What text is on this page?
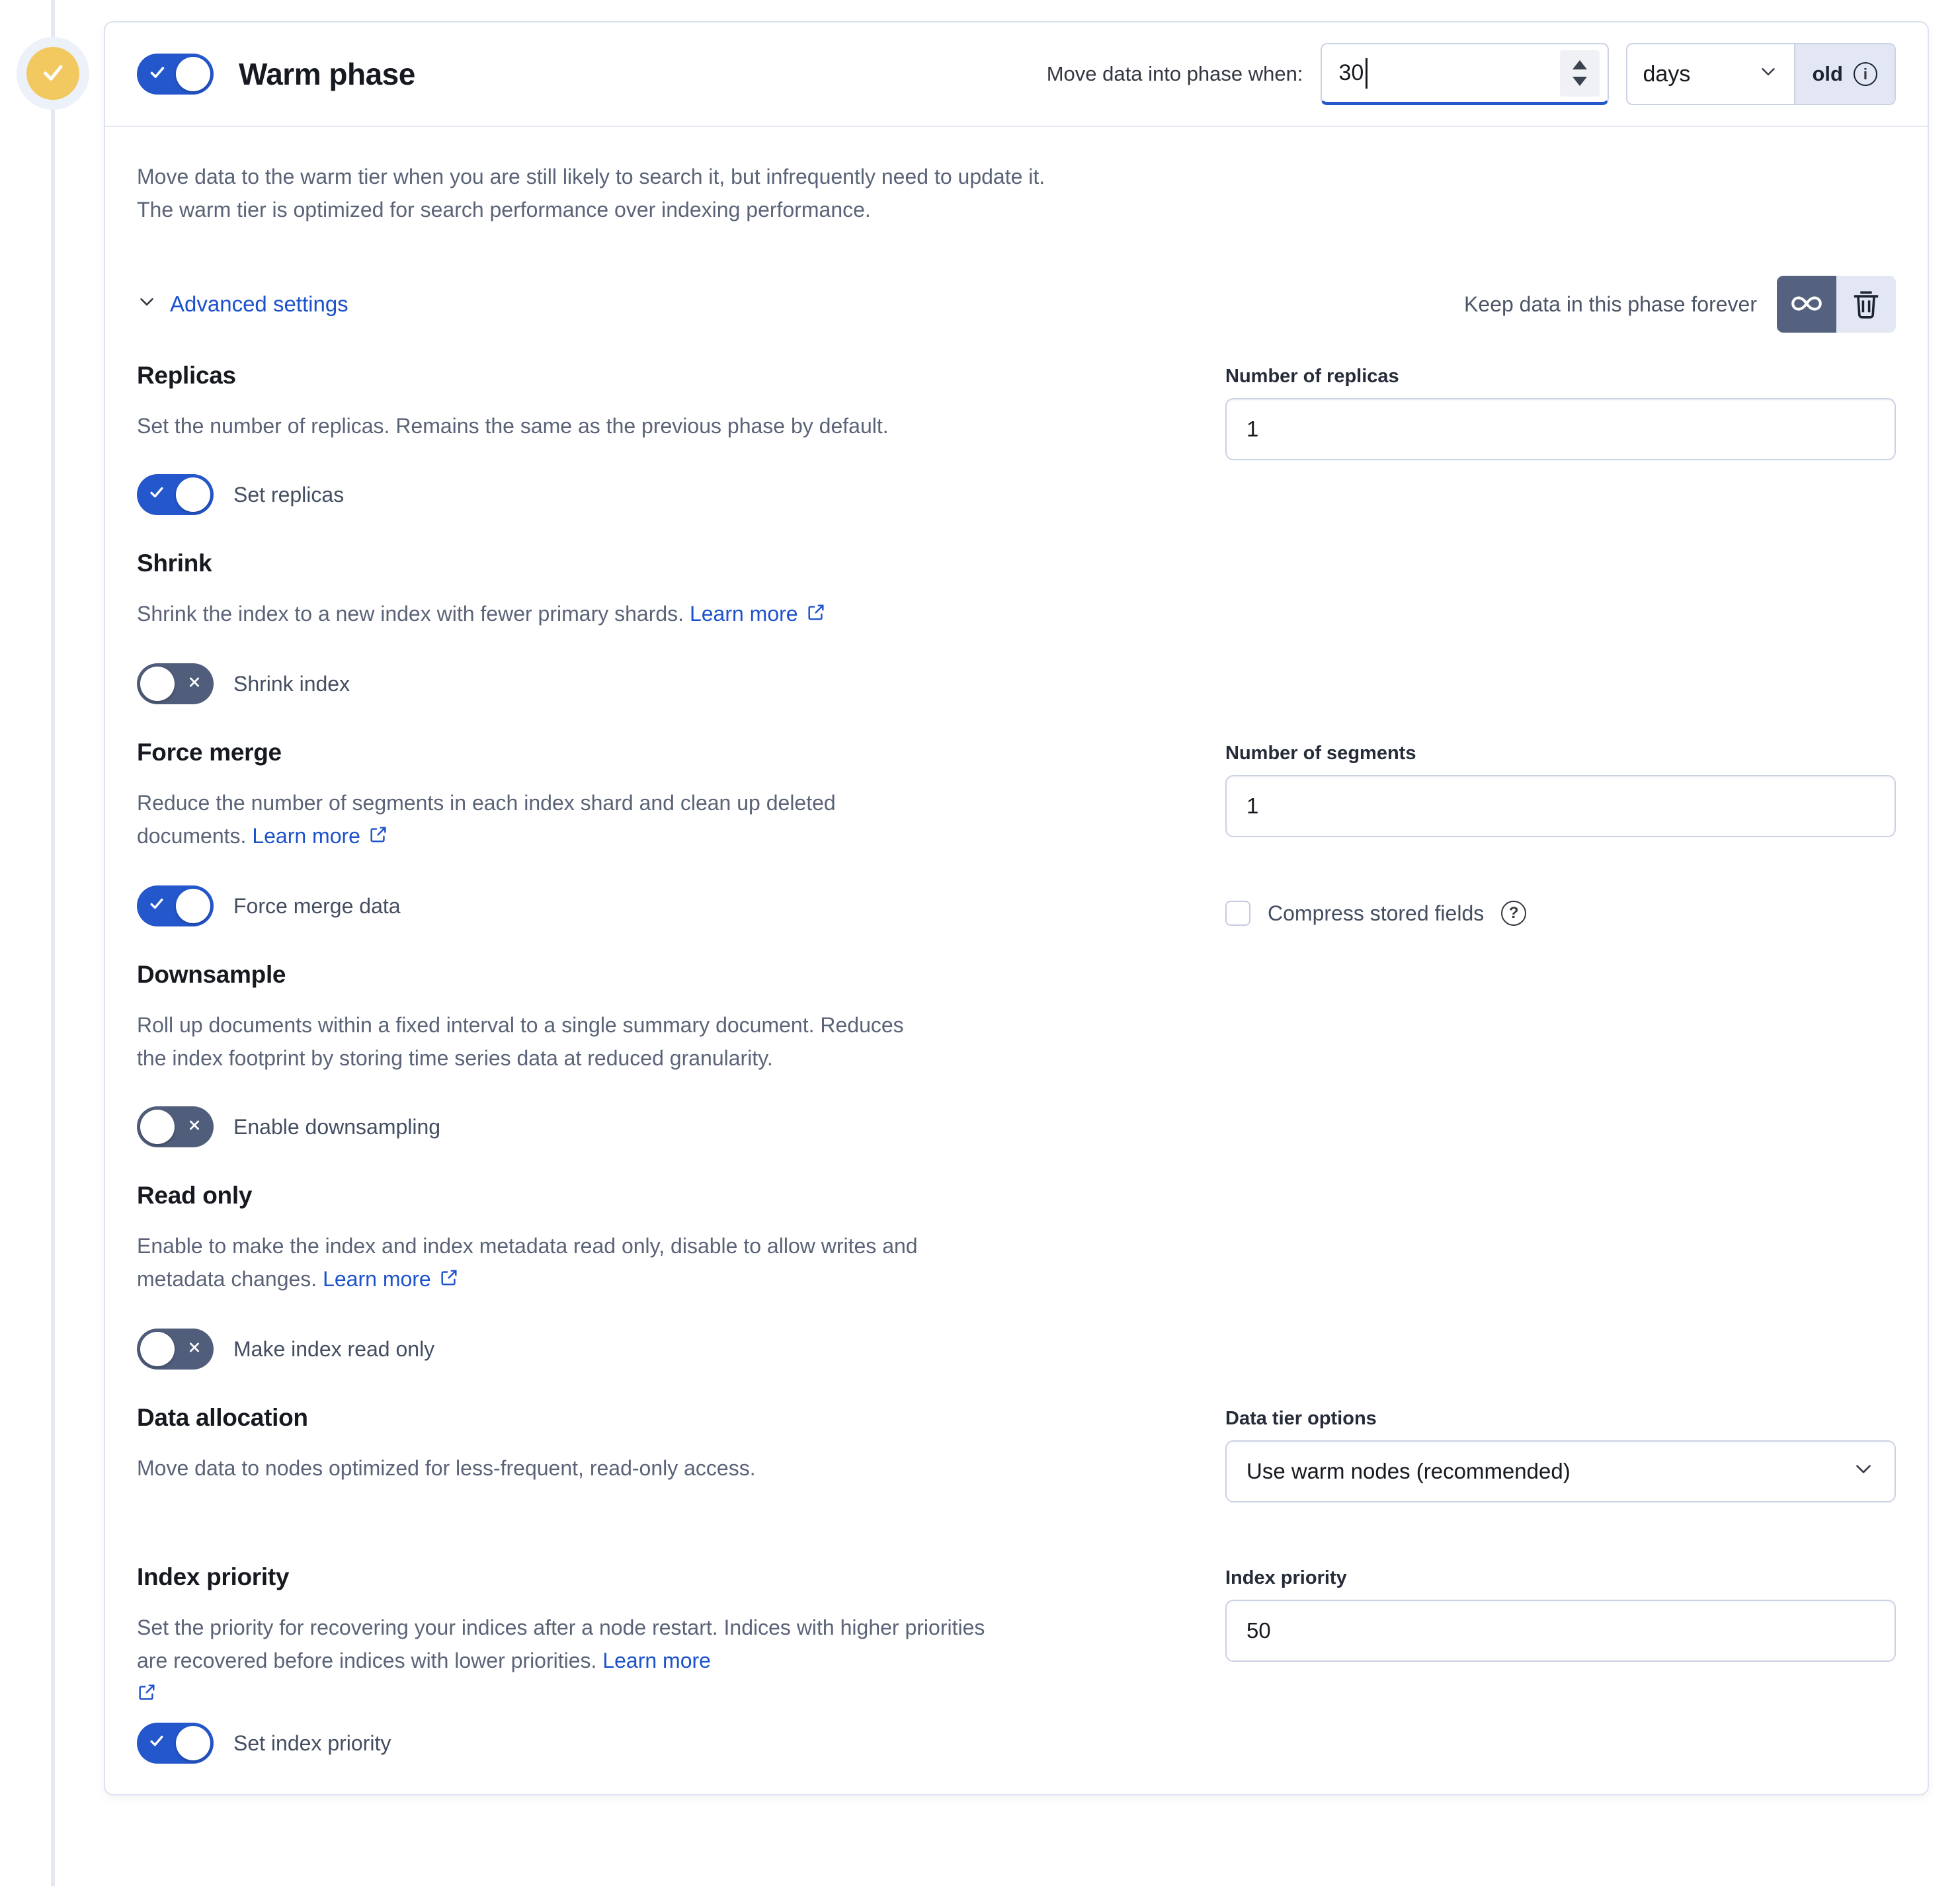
Warm phase	Move data into phase when: 30	days	old	i

Move data to the warm tier when you are still likely to search it, but infrequently need to update it. The warm tier is optimized for search performance over indexing performance.

Advanced settings	Keep data in this phase forever
Replicas

Set the number of replicas. Remains the same as the previous phase by default.

Set replicas
Number of replicas
1
Shrink

Shrink the index to a new index with fewer primary shards. Learn more

Shrink index
Force merge

Reduce the number of segments in each index shard and clean up deleted documents. Learn more

Force merge data
Number of segments
1
Compress stored fields	?
Downsample

Roll up documents within a fixed interval to a single summary document. Reduces the index footprint by storing time series data at reduced granularity.

Enable downsampling
Read only

Enable to make the index and index metadata read only, disable to allow writes and metadata changes. Learn more

Make index read only
Data allocation

Move data to nodes optimized for less-frequent, read-only access.

Data tier options
Use warm nodes (recommended)
Index priority

Set the priority for recovering your indices after a node restart. Indices with higher priorities are recovered before indices with lower priorities. Learn more

Set index priority
Index priority
50
